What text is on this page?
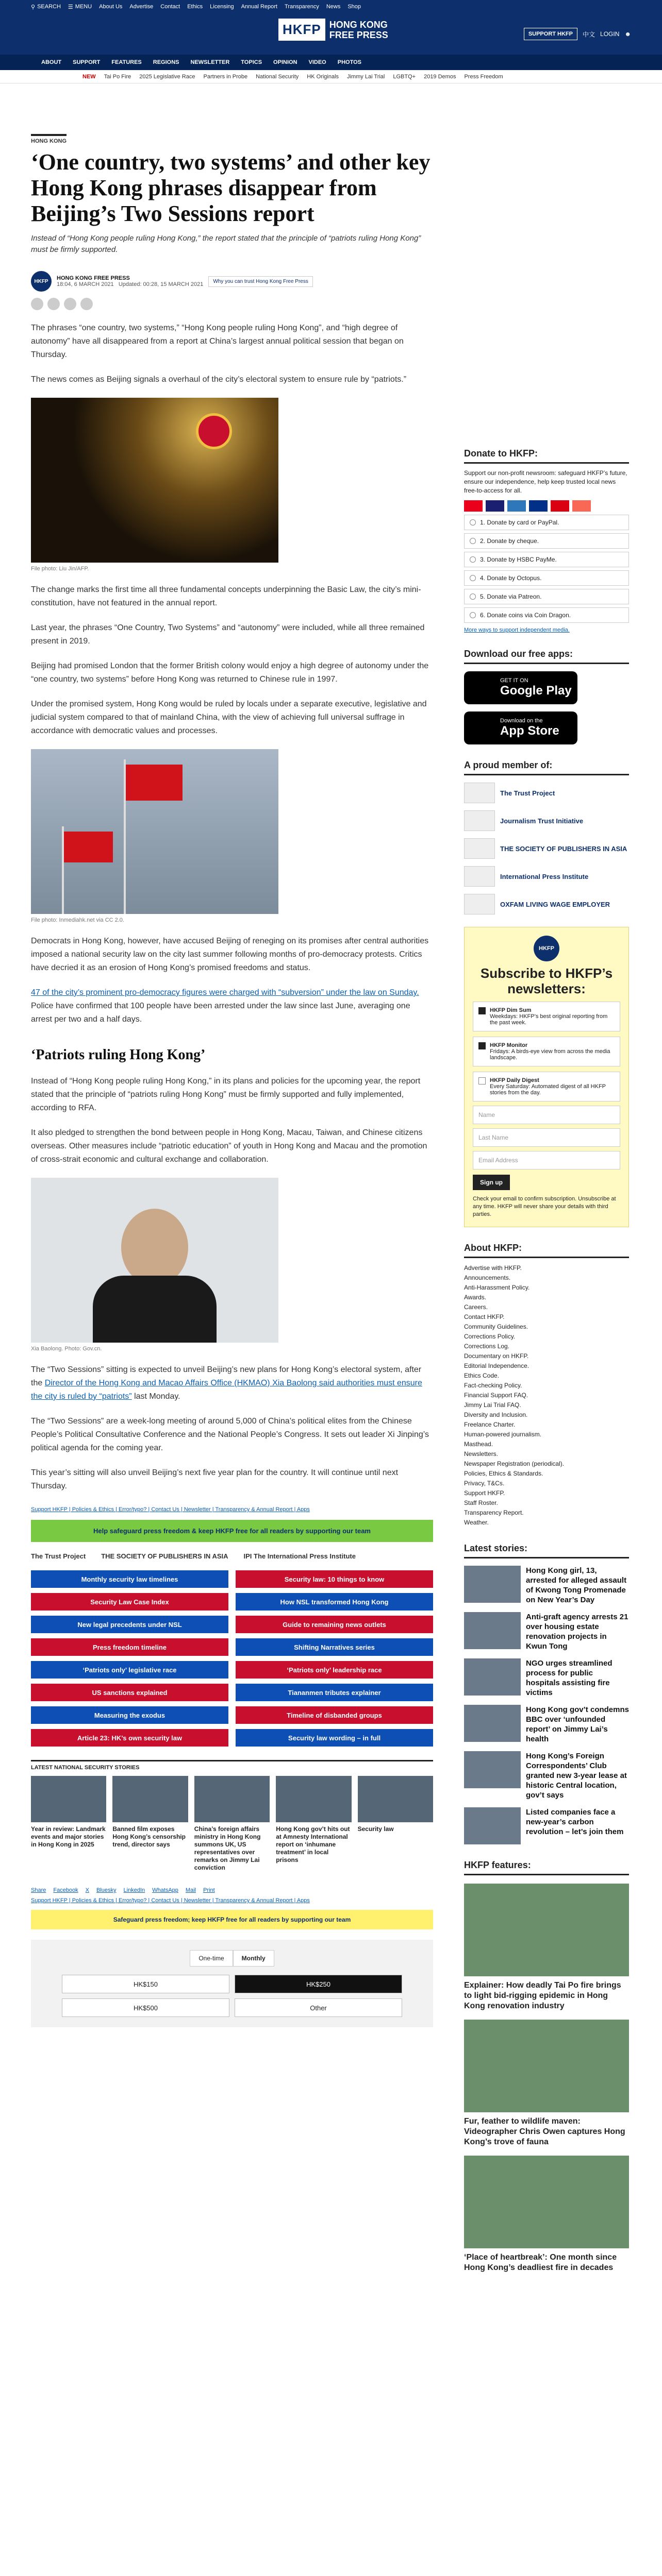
⚲ SEARCH ☰ MENU About Us Advertise Contact Ethics Licensing Annual Report Transparency News Shop
HKFP HONG KONG
FREE PRESS	SUPPORT HKFP	中文 LOGIN ☻
ABOUT SUPPORT FEATURES REGIONS NEWSLETTER TOPICS OPINION VIDEO PHOTOS
NEW Tai Po Fire 2025 Legislative Race Partners in Probe National Security HK Originals Jimmy Lai Trial LGBTQ+ 2019 Demos Press Freedom
HONG KONG
‘One country, two systems’ and other key Hong Kong phrases disappear from Beijing’s Two Sessions report

Instead of “Hong Kong people ruling Hong Kong,” the report stated that the principle of “patriots ruling Hong Kong” must be firmly supported.

HKFP	HONG KONG FREE PRESS
18:04, 6 MARCH 2021 Updated: 00:28, 15 MARCH 2021	Why you can trust Hong Kong Free Press

The phrases “one country, two systems,” “Hong Kong people ruling Hong Kong”, and “high degree of autonomy” have all disappeared from a report at China’s largest annual political session that began on Thursday.

The news comes as Beijing signals a overhaul of the city’s electoral system to ensure rule by “patriots.”

File photo: Liu Jin/AFP.

The change marks the first time all three fundamental concepts underpinning the Basic Law, the city’s mini-constitution, have not featured in the annual report.

Last year, the phrases “One Country, Two Systems” and “autonomy” were included, while all three remained present in 2019.

Beijing had promised London that the former British colony would enjoy a high degree of autonomy under the “one country, two systems” before Hong Kong was returned to Chinese rule in 1997.

Under the promised system, Hong Kong would be ruled by locals under a separate executive, legislative and judicial system compared to that of mainland China, with the view of achieving full universal suffrage in accordance with democratic values and processes.

File photo: Inmediahk.net via CC 2.0.

Democrats in Hong Kong, however, have accused Beijing of reneging on its promises after central authorities imposed a national security law on the city last summer following months of pro-democracy protests. Critics have decried it as an erosion of Hong Kong’s promised freedoms and status.

47 of the city’s prominent pro-democracy figures were charged with “subversion” under the law on Sunday. Police have confirmed that 100 people have been arrested under the law since last June, averaging one arrest per two and a half days.

‘Patriots ruling Hong Kong’

Instead of “Hong Kong people ruling Hong Kong,” in its plans and policies for the upcoming year, the report stated that the principle of “patriots ruling Hong Kong” must be firmly supported and fully implemented, according to RFA.

It also pledged to strengthen the bond between people in Hong Kong, Macau, Taiwan, and Chinese citizens overseas. Other measures include “patriotic education” of youth in Hong Kong and Macau and the promotion of cross-strait economic and cultural exchange and collaboration.

Xia Baolong. Photo: Gov.cn.

The “Two Sessions” sitting is expected to unveil Beijing’s new plans for Hong Kong’s electoral system, after the Director of the Hong Kong and Macao Affairs Office (HKMAO) Xia Baolong said authorities must ensure the city is ruled by “patriots” last Monday.

The “Two Sessions” are a week-long meeting of around 5,000 of China’s political elites from the Chinese People’s Political Consultative Conference and the National People’s Congress. It sets out leader Xi Jinping’s political agenda for the coming year.

This year’s sitting will also unveil Beijing’s next five year plan for the country. It will continue until next Thursday.

Support HKFP | Policies & Ethics | Error/typo? | Contact Us | Newsletter | Transparency & Annual Report | Apps
Help safeguard press freedom & keep HKFP free for all readers by supporting our team
The Trust Project THE SOCIETY OF PUBLISHERS IN ASIA IPI The International Press Institute
Monthly security law timelines	Security law: 10 things to know
Security Law Case Index	How NSL transformed Hong Kong
New legal precedents under NSL	Guide to remaining news outlets
Press freedom timeline	Shifting Narratives series
‘Patriots only’ legislative race	‘Patriots only’ leadership race
US sanctions explained	Tiananmen tributes explainer
Measuring the exodus	Timeline of disbanded groups
Article 23: HK’s own security law	Security law wording – in full
LATEST NATIONAL SECURITY STORIES
Year in review: Landmark events and major stories in Hong Kong in 2025
Banned film exposes Hong Kong’s censorship trend, director says
China’s foreign affairs ministry in Hong Kong summons UK, US representatives over remarks on Jimmy Lai conviction
Hong Kong gov’t hits out at Amnesty International report on ‘inhumane treatment’ in local prisons
Security law
Share Facebook X Bluesky LinkedIn WhatsApp Mail Print
Support HKFP | Policies & Ethics | Error/typo? | Contact Us | Newsletter | Transparency & Annual Report | Apps
Safeguard press freedom; keep HKFP free for all readers by supporting our team
One-time	Monthly
HK$150	HK$250
HK$500	Other
Donate to HKFP:

Support our non-profit newsroom: safeguard HKFP’s future, ensure our independence, help keep trusted local news free-to-access for all.

1. Donate by card or PayPal.
2. Donate by cheque.
3. Donate by HSBC PayMe.
4. Donate by Octopus.
5. Donate via Patreon.
6. Donate coins via Coin Dragon.
More ways to support independent media.
Download our free apps:
GET IT ON
Google Play
Download on the
App Store
A proud member of:
The Trust Project
Journalism Trust Initiative
THE SOCIETY OF PUBLISHERS IN ASIA
International Press Institute
OXFAM LIVING WAGE EMPLOYER
HKFP
Subscribe to HKFP’s newsletters:
HKFP Dim Sum
Weekdays: HKFP’s best original reporting from the past week.
HKFP Monitor
Fridays: A birds-eye view from across the media landscape.
HKFP Daily Digest
Every Saturday: Automated digest of all HKFP stories from the day.
Name
Last Name
Email Address
Sign up

Check your email to confirm subscription. Unsubscribe at any time. HKFP will never share your details with third parties.

About HKFP:
Advertise with HKFP.
Announcements.
Anti-Harassment Policy.
Awards.
Careers.
Contact HKFP.
Community Guidelines.
Corrections Policy.
Corrections Log.
Documentary on HKFP.
Editorial Independence.
Ethics Code.
Fact-checking Policy.
Financial Support FAQ.
Jimmy Lai Trial FAQ.
Diversity and Inclusion.
Freelance Charter.
Human-powered journalism.
Masthead.
Newsletters.
Newspaper Registration (periodical).
Policies, Ethics & Standards.
Privacy, T&Cs.
Support HKFP.
Staff Roster.
Transparency Report.
Weather.
Latest stories:
Hong Kong girl, 13, arrested for alleged assault of Kwong Tong Promenade on New Year’s Day
Anti-graft agency arrests 21 over housing estate renovation projects in Kwun Tong
NGO urges streamlined process for public hospitals assisting fire victims
Hong Kong gov’t condemns BBC over ‘unfounded report’ on Jimmy Lai’s health
Hong Kong’s Foreign Correspondents’ Club granted new 3-year lease at historic Central location, gov’t says
Listed companies face a new-year’s carbon revolution – let’s join them
HKFP features:
Explainer: How deadly Tai Po fire brings to light bid-rigging epidemic in Hong Kong renovation industry
Fur, feather to wildlife maven: Videographer Chris Owen captures Hong Kong’s trove of fauna
‘Place of heartbreak’: One month since Hong Kong’s deadliest fire in decades
